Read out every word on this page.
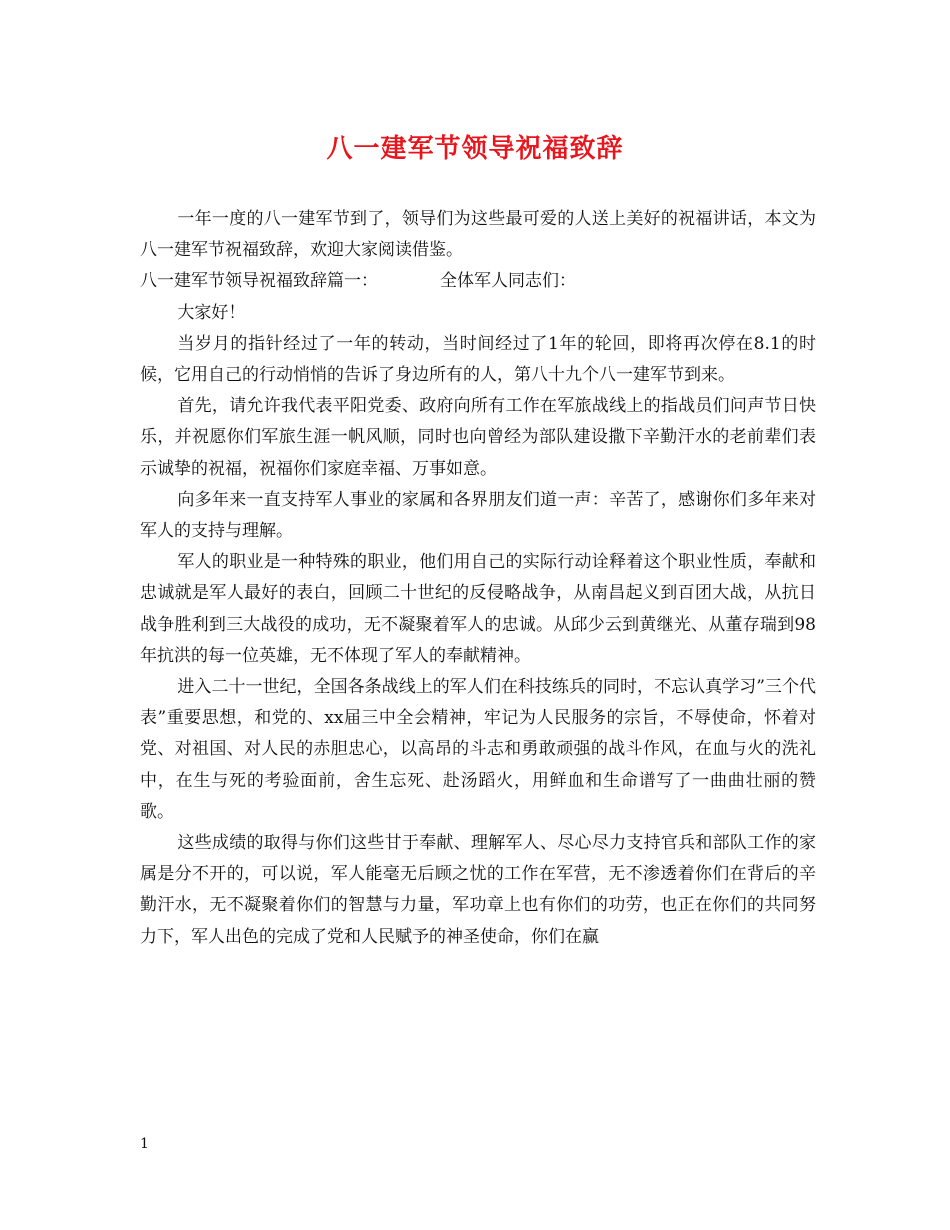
八一建军节领导祝福致辞

一年一度的八一建军节到了，领导们为这些最可爱的人送上美好的祝福讲话，本文为八一建军节祝福致辞，欢迎大家阅读借鉴。

八一建军节领导祝福致辞篇一：	全体军人同志们：

大家好！

当岁月的指针经过了一年的转动，当时间经过了1年的轮回，即将再次停在8.1的时候，它用自己的行动悄悄的告诉了身边所有的人，第八十九个八一建军节到来。

首先，请允许我代表平阳党委、政府向所有工作在军旅战线上的指战员们问声节日快乐，并祝愿你们军旅生涯一帆风顺，同时也向曾经为部队建设撒下辛勤汗水的老前辈们表示诚挚的祝福，祝福你们家庭幸福、万事如意。

向多年来一直支持军人事业的家属和各界朋友们道一声：辛苦了，感谢你们多年来对军人的支持与理解。

军人的职业是一种特殊的职业，他们用自己的实际行动诠释着这个职业性质，奉献和忠诚就是军人最好的表白，回顾二十世纪的反侵略战争，从南昌起义到百团大战，从抗日战争胜利到三大战役的成功，无不凝聚着军人的忠诚。从邱少云到黄继光、从董存瑞到98年抗洪的每一位英雄，无不体现了军人的奉献精神。

进入二十一世纪，全国各条战线上的军人们在科技练兵的同时，不忘认真学习”三个代表”重要思想，和党的、xx届三中全会精神，牢记为人民服务的宗旨，不辱使命，怀着对党、对祖国、对人民的赤胆忠心，以高昂的斗志和勇敢顽强的战斗作风，在血与火的洗礼中，在生与死的考验面前，舍生忘死、赴汤蹈火，用鲜血和生命谱写了一曲曲壮丽的赞歌。

这些成绩的取得与你们这些甘于奉献、理解军人、尽心尽力支持官兵和部队工作的家属是分不开的，可以说，军人能毫无后顾之忧的工作在军营，无不渗透着你们在背后的辛勤汗水，无不凝聚着你们的智慧与力量，军功章上也有你们的功劳，也正在你们的共同努力下，军人出色的完成了党和人民赋予的神圣使命，你们在赢

1
